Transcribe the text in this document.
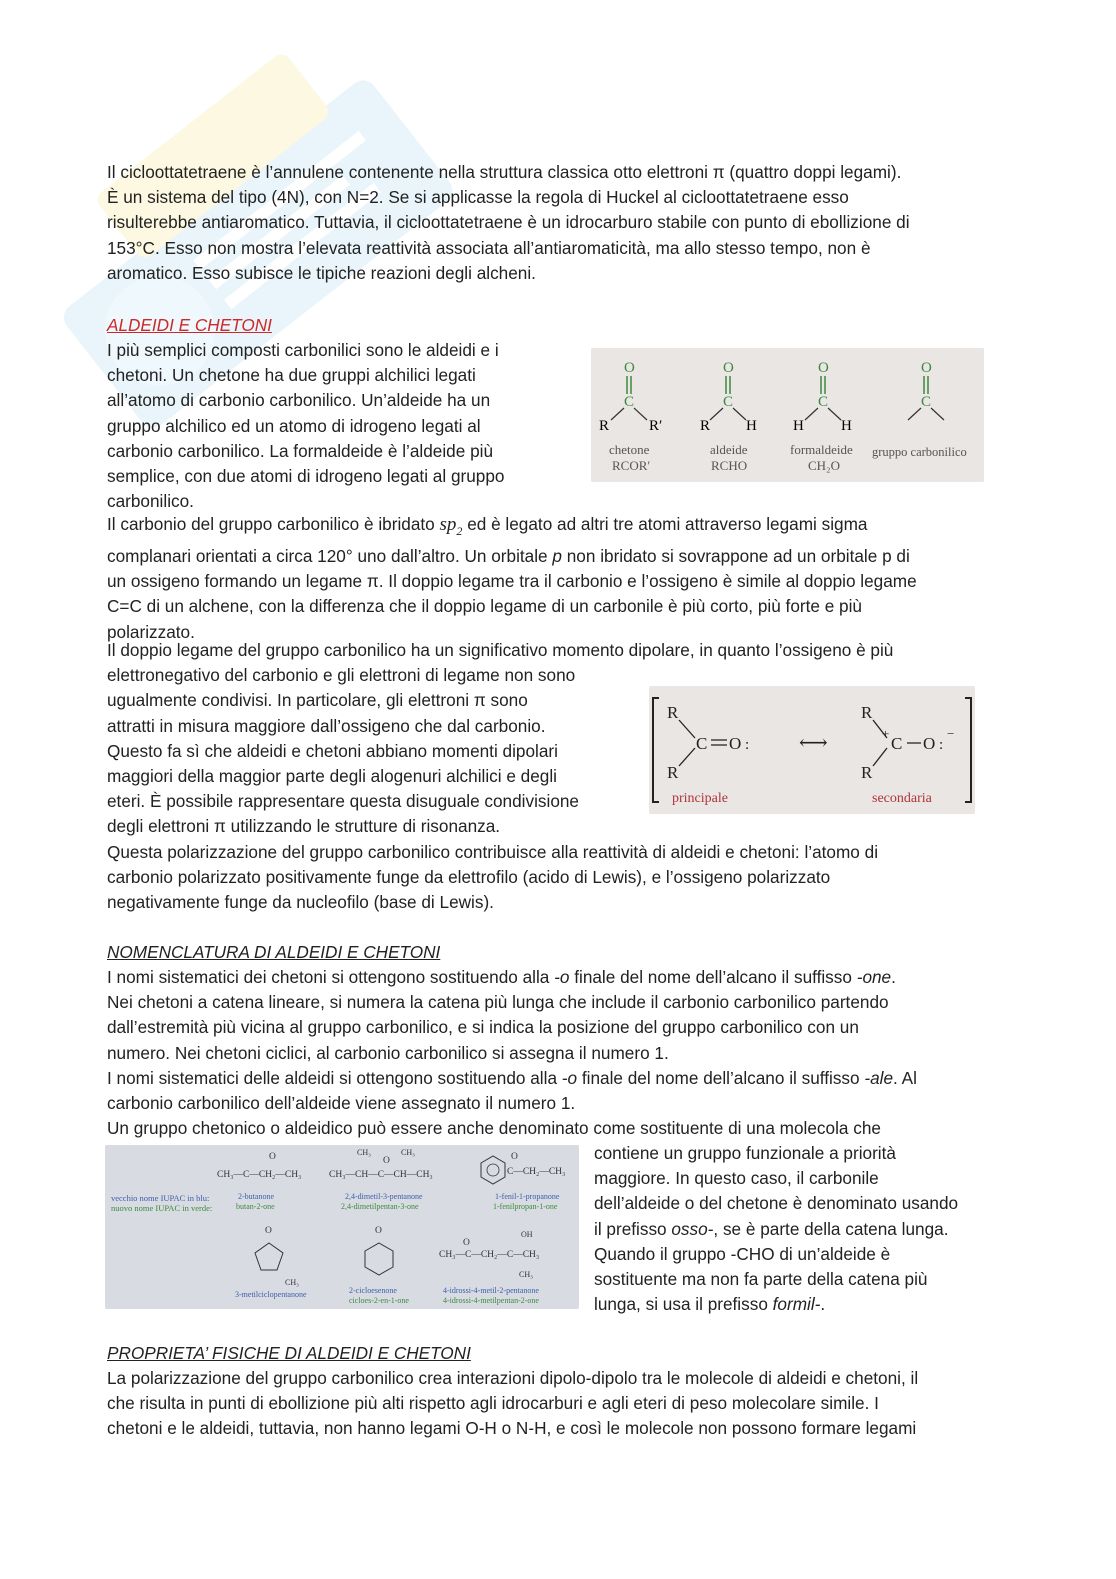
Il cicloottatetraene è l’annulene contenente nella struttura classica otto elettroni π (quattro doppi legami).

È un sistema del tipo (4N), con N=2. Se si applicasse la regola di Huckel al cicloottatetraene esso

risulterebbe antiaromatico. Tuttavia, il cicloottatetraene è un idrocarburo stabile con punto di ebollizione di

153°C. Esso non mostra l’elevata reattività associata all’antiaromaticità, ma allo stesso tempo, non è

aromatico. Esso subisce le tipiche reazioni degli alcheni.

ALDEIDI E CHETONI

I più semplici composti carbonilici sono le aldeidi e i

chetoni. Un chetone ha due gruppi alchilici legati

all’atomo di carbonio carbonilico. Un’aldeide ha un

gruppo alchilico ed un atomo di idrogeno legati al

carbonio carbonilico. La formaldeide è l’aldeide più

semplice, con due atomi di idrogeno legati al gruppo

carbonilico.

O
C
R	R′
chetone
RCOR′
O
C
R H
aldeide
RCHO
O
C
H H
formaldeide
CH₂O
O
C
gruppo carbonilico

Il carbonio del gruppo carbonilico è ibridato $sp_2$ ed è legato ad altri tre atomi attraverso legami sigma

complanari orientati a circa 120° uno dall’altro. Un orbitale p non ibridato si sovrappone ad un orbitale p di

un ossigeno formando un legame π. Il doppio legame tra il carbonio e l’ossigeno è simile al doppio legame

C=C di un alchene, con la differenza che il doppio legame di un carbonile è più corto, più forte e più

polarizzato.

Il doppio legame del gruppo carbonilico ha un significativo momento dipolare, in quanto l’ossigeno è più

elettronegativo del carbonio e gli elettroni di legame non sono

ugualmente condivisi. In particolare, gli elettroni π sono

attratti in misura maggiore dall’ossigeno che dal carbonio.

Questo fa sì che aldeidi e chetoni abbiano momenti dipolari

maggiori della maggior parte degli alogenuri alchilici e degli

eteri. È possibile rappresentare questa disuguale condivisione

degli elettroni π utilizzando le strutture di risonanza.

R
R
C O :
principale
⟷
R
R
+
C O :
−
secondaria

Questa polarizzazione del gruppo carbonilico contribuisce alla reattività di aldeidi e chetoni: l’atomo di

carbonio polarizzato positivamente funge da elettrofilo (acido di Lewis), e l’ossigeno polarizzato

negativamente funge da nucleofilo (base di Lewis).

NOMENCLATURA DI ALDEIDI E CHETONI

I nomi sistematici dei chetoni si ottengono sostituendo alla -o finale del nome dell’alcano il suffisso -one.

Nei chetoni a catena lineare, si numera la catena più lunga che include il carbonio carbonilico partendo

dall’estremità più vicina al gruppo carbonilico, e si indica la posizione del gruppo carbonilico con un

numero. Nei chetoni ciclici, al carbonio carbonilico si assegna il numero 1.

I nomi sistematici delle aldeidi si ottengono sostituendo alla -o finale del nome dell’alcano il suffisso -ale. Al

carbonio carbonilico dell’aldeide viene assegnato il numero 1.

Un gruppo chetonico o aldeidico può essere anche denominato come sostituente di una molecola che

vecchio nome IUPAC in blu:
nuovo nome IUPAC in verde:
O
CH₃—C—CH₂—CH₃
2-butanone
butan-2-one
CH₃	CH₃
O
CH₃—CH—C—CH—CH₃
2,4-dimetil-3-pentanone
2,4-dimetilpentan-3-one
O
C—CH₂—CH₃
1-fenil-1-propanone
1-fenilpropan-1-one
O
CH₃
3-metilciclopentanone
O
2-cicloesenone
cicloes-2-en-1-one
OH
O
CH₃—C—CH₂—C—CH₃
CH₃
4-idrossi-4-metil-2-pentanone
4-idrossi-4-metilpentan-2-one

contiene un gruppo funzionale a priorità

maggiore. In questo caso, il carbonile

dell’aldeide o del chetone è denominato usando

il prefisso osso-, se è parte della catena lunga.

Quando il gruppo -CHO di un’aldeide è

sostituente ma non fa parte della catena più

lunga, si usa il prefisso formil-.

PROPRIETA’ FISICHE DI ALDEIDI E CHETONI

La polarizzazione del gruppo carbonilico crea interazioni dipolo-dipolo tra le molecole di aldeidi e chetoni, il

che risulta in punti di ebollizione più alti rispetto agli idrocarburi e agli eteri di peso molecolare simile. I

chetoni e le aldeidi, tuttavia, non hanno legami O-H o N-H, e così le molecole non possono formare legami
